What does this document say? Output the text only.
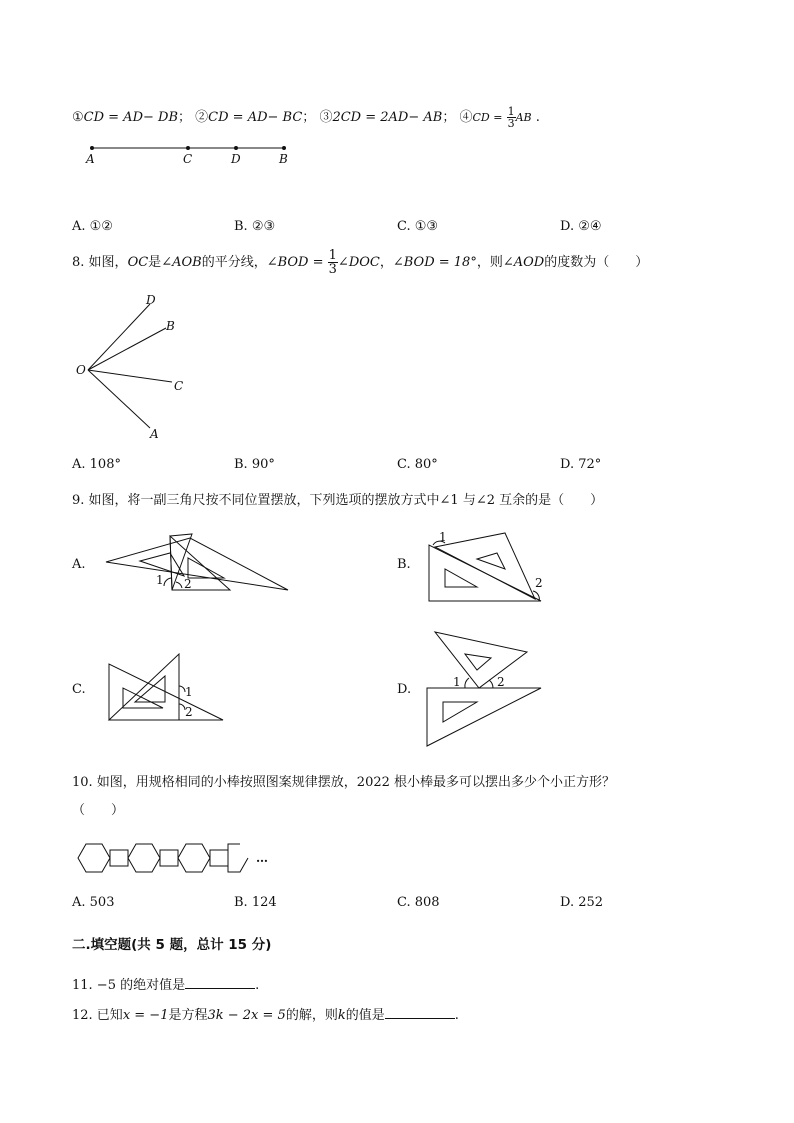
①CD = AD− DB； ②CD = AD− BC； ③2CD = 2AD− AB； ④CD = $\frac{1}{3}$ AB .
A	C	D	B
A. ①②	B. ②③	C. ①③	D. ②④
8. 如图，OC是∠AOB的平分线，∠BOD = $\frac{1}{3}$ ∠DOC，∠BOD = 18°，则∠AOD的度数为（　　）
D
B
O
C
A
A. 108°	B. 90°	C. 80°	D. 72°
9. 如图，将一副三角尺按不同位置摆放，下列选项的摆放方式中∠1 与∠2 互余的是（　　）
A.
1 2
B.
1
2
C.	1
2
D.	1	2
10. 如图，用规格相同的小棒按照图案规律摆放，2022 根小棒最多可以摆出多少个小正方形？
（　　）
…
A. 503	B. 124	C. 808	D. 252
二.填空题(共 5 题，总计 15 分)
11. −5 的绝对值是	.
12. 已知x = −1是方程3k − 2x = 5的解，则k的值是	.
